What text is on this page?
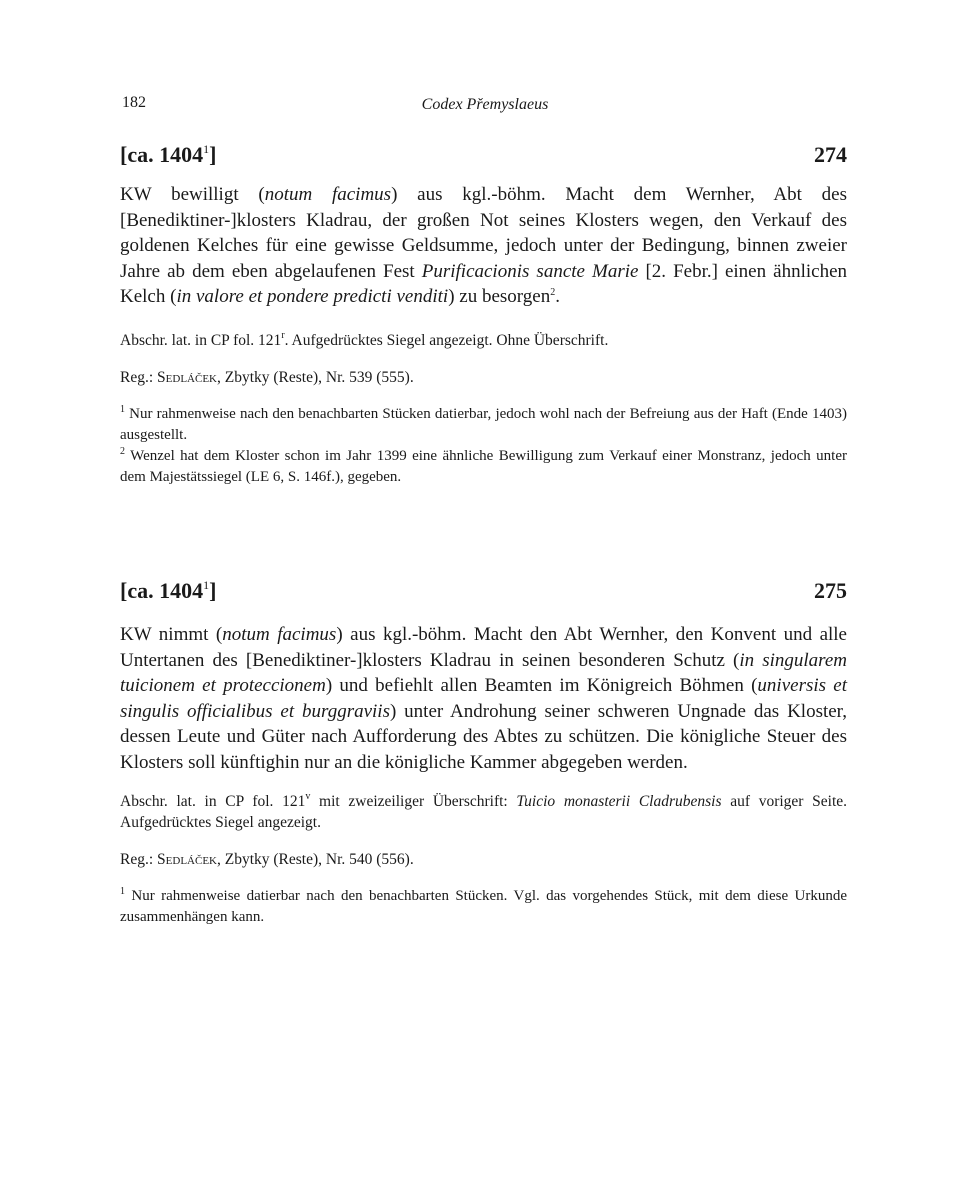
182	Codex Přemyslaeus
[ca. 1404$^1$]	274

KW bewilligt (notum facimus) aus kgl.-böhm. Macht dem Wernher, Abt des [Benediktiner-]klosters Kladrau, der großen Not seines Klosters wegen, den Verkauf des goldenen Kelches für eine gewisse Geldsumme, jedoch unter der Bedingung, binnen zweier Jahre ab dem eben abgelaufenen Fest Purificacionis sancte Marie [2. Febr.] einen ähnlichen Kelch (in valore et pondere predicti venditi) zu besorgen$^2$.

Abschr. lat. in CP fol. 121$^r$. Aufgedrücktes Siegel angezeigt. Ohne Überschrift.

Reg.: Sedláček, Zbytky (Reste), Nr. 539 (555).

$^1$ Nur rahmenweise nach den benachbarten Stücken datierbar, jedoch wohl nach der Befreiung aus der Haft (Ende 1403) ausgestellt.

$^2$ Wenzel hat dem Kloster schon im Jahr 1399 eine ähnliche Bewilligung zum Verkauf einer Monstranz, jedoch unter dem Majestätssiegel (LE 6, S. 146f.), gegeben.

[ca. 1404$^1$]	275

KW nimmt (notum facimus) aus kgl.-böhm. Macht den Abt Wernher, den Konvent und alle Untertanen des [Benediktiner-]klosters Kladrau in seinen besonderen Schutz (in singularem tuicionem et proteccionem) und befiehlt allen Beamten im Königreich Böhmen (universis et singulis officialibus et burggraviis) unter Androhung seiner schweren Ungnade das Kloster, dessen Leute und Güter nach Aufforderung des Abtes zu schützen. Die königliche Steuer des Klosters soll künftighin nur an die königliche Kammer abgegeben werden.

Abschr. lat. in CP fol. 121$^v$ mit zweizeiliger Überschrift: Tuicio monasterii Cladrubensis auf voriger Seite. Aufgedrücktes Siegel angezeigt.

Reg.: Sedláček, Zbytky (Reste), Nr. 540 (556).

$^1$ Nur rahmenweise datierbar nach den benachbarten Stücken. Vgl. das vorgehendes Stück, mit dem diese Urkunde zusammenhängen kann.
